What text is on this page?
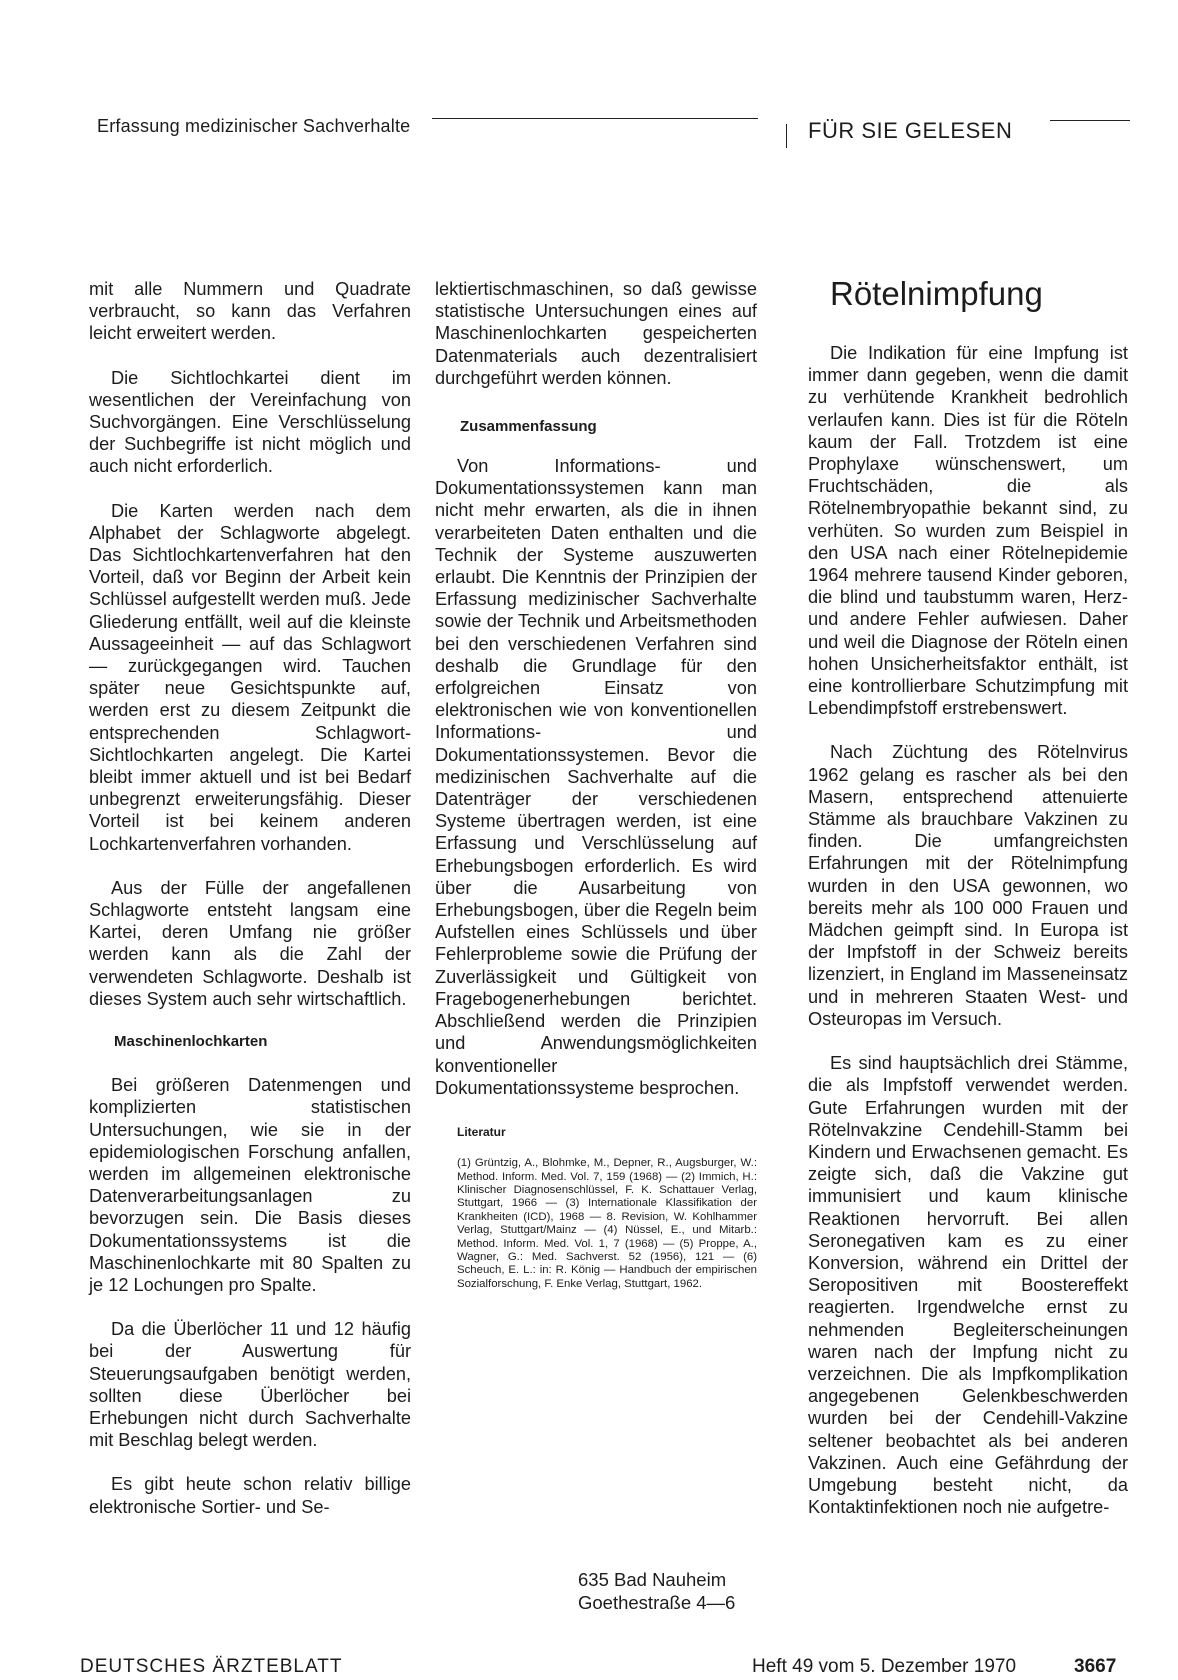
Erfassung medizinischer Sachverhalte	FÜR SIE GELESEN

mit alle Nummern und Quadrate verbraucht, so kann das Verfahren leicht erweitert werden.

Die Sichtlochkartei dient im wesentlichen der Vereinfachung von Suchvorgängen. Eine Verschlüsselung der Suchbegriffe ist nicht möglich und auch nicht erforderlich.

Die Karten werden nach dem Alphabet der Schlagworte abgelegt. Das Sichtlochkartenverfahren hat den Vorteil, daß vor Beginn der Arbeit kein Schlüssel aufgestellt werden muß. Jede Gliederung entfällt, weil auf die kleinste Aussageeinheit — auf das Schlagwort — zurückgegangen wird. Tauchen später neue Gesichtspunkte auf, werden erst zu diesem Zeitpunkt die entsprechenden Schlagwort-Sichtlochkarten angelegt. Die Kartei bleibt immer aktuell und ist bei Bedarf unbegrenzt erweiterungsfähig. Dieser Vorteil ist bei keinem anderen Lochkartenverfahren vorhanden.

Aus der Fülle der angefallenen Schlagworte entsteht langsam eine Kartei, deren Umfang nie größer werden kann als die Zahl der verwendeten Schlagworte. Deshalb ist dieses System auch sehr wirtschaftlich.

Maschinenlochkarten

Bei größeren Datenmengen und komplizierten statistischen Untersuchungen, wie sie in der epidemiologischen Forschung anfallen, werden im allgemeinen elektronische Datenverarbeitungsanlagen zu bevorzugen sein. Die Basis dieses Dokumentationssystems ist die Maschinenlochkarte mit 80 Spalten zu je 12 Lochungen pro Spalte.

Da die Überlöcher 11 und 12 häufig bei der Auswertung für Steuerungsaufgaben benötigt werden, sollten diese Überlöcher bei Erhebungen nicht durch Sachverhalte mit Beschlag belegt werden.

Es gibt heute schon relativ billige elektronische Sortier- und Se-

lektiertischmaschinen, so daß gewisse statistische Untersuchungen eines auf Maschinenlochkarten gespeicherten Datenmaterials auch dezentralisiert durchgeführt werden können.

Zusammenfassung

Von Informations- und Dokumentationssystemen kann man nicht mehr erwarten, als die in ihnen verarbeiteten Daten enthalten und die Technik der Systeme auszuwerten erlaubt. Die Kenntnis der Prinzipien der Erfassung medizinischer Sachverhalte sowie der Technik und Arbeitsmethoden bei den verschiedenen Verfahren sind deshalb die Grundlage für den erfolgreichen Einsatz von elektronischen wie von konventionellen Informations- und Dokumentationssystemen. Bevor die medizinischen Sachverhalte auf die Datenträger der verschiedenen Systeme übertragen werden, ist eine Erfassung und Verschlüsselung auf Erhebungsbogen erforderlich. Es wird über die Ausarbeitung von Erhebungsbogen, über die Regeln beim Aufstellen eines Schlüssels und über Fehlerprobleme sowie die Prüfung der Zuverlässigkeit und Gültigkeit von Fragebogenerhebungen berichtet. Abschließend werden die Prinzipien und Anwendungsmöglichkeiten konventioneller Dokumentationssysteme besprochen.

Literatur
(1) Grüntzig, A., Blohmke, M., Depner, R., Augsburger, W.: Method. Inform. Med. Vol. 7, 159 (1968) — (2) Immich, H.: Klinischer Diagnosenschlüssel, F. K. Schattauer Verlag, Stuttgart, 1966 — (3) Internationale Klassifikation der Krankheiten (ICD), 1968 — 8. Revision, W. Kohlhammer Verlag, Stuttgart/Mainz — (4) Nüssel, E., und Mitarb.: Method. Inform. Med. Vol. 1, 7 (1968) — (5) Proppe, A., Wagner, G.: Med. Sachverst. 52 (1956), 121 — (6) Scheuch, E. L.: in: R. König — Handbuch der empirischen Sozialforschung, F. Enke Verlag, Stuttgart, 1962.
635 Bad Nauheim
Goethestraße 4—6
Rötelnimpfung

Die Indikation für eine Impfung ist immer dann gegeben, wenn die damit zu verhütende Krankheit bedrohlich verlaufen kann. Dies ist für die Röteln kaum der Fall. Trotzdem ist eine Prophylaxe wünschenswert, um Fruchtschäden, die als Rötelnembryopathie bekannt sind, zu verhüten. So wurden zum Beispiel in den USA nach einer Rötelnepidemie 1964 mehrere tausend Kinder geboren, die blind und taubstumm waren, Herz- und andere Fehler aufwiesen. Daher und weil die Diagnose der Röteln einen hohen Unsicherheitsfaktor enthält, ist eine kontrollierbare Schutzimpfung mit Lebendimpfstoff erstrebenswert.

Nach Züchtung des Rötelnvirus 1962 gelang es rascher als bei den Masern, entsprechend attenuierte Stämme als brauchbare Vakzinen zu finden. Die umfangreichsten Erfahrungen mit der Rötelnimpfung wurden in den USA gewonnen, wo bereits mehr als 100 000 Frauen und Mädchen geimpft sind. In Europa ist der Impfstoff in der Schweiz bereits lizenziert, in England im Masseneinsatz und in mehreren Staaten West- und Osteuropas im Versuch.

Es sind hauptsächlich drei Stämme, die als Impfstoff verwendet werden. Gute Erfahrungen wurden mit der Rötelnvakzine Cendehill-Stamm bei Kindern und Erwachsenen gemacht. Es zeigte sich, daß die Vakzine gut immunisiert und kaum klinische Reaktionen hervorruft. Bei allen Seronegativen kam es zu einer Konversion, während ein Drittel der Seropositiven mit Boostereffekt reagierten. Irgendwelche ernst zu nehmenden Begleiterscheinungen waren nach der Impfung nicht zu verzeichnen. Die als Impfkomplikation angegebenen Gelenkbeschwerden wurden bei der Cendehill-Vakzine seltener beobachtet als bei anderen Vakzinen. Auch eine Gefährdung der Umgebung besteht nicht, da Kontaktinfektionen noch nie aufgetre-

DEUTSCHES ÄRZTEBLATT	Heft 49 vom 5. Dezember 1970	3667
